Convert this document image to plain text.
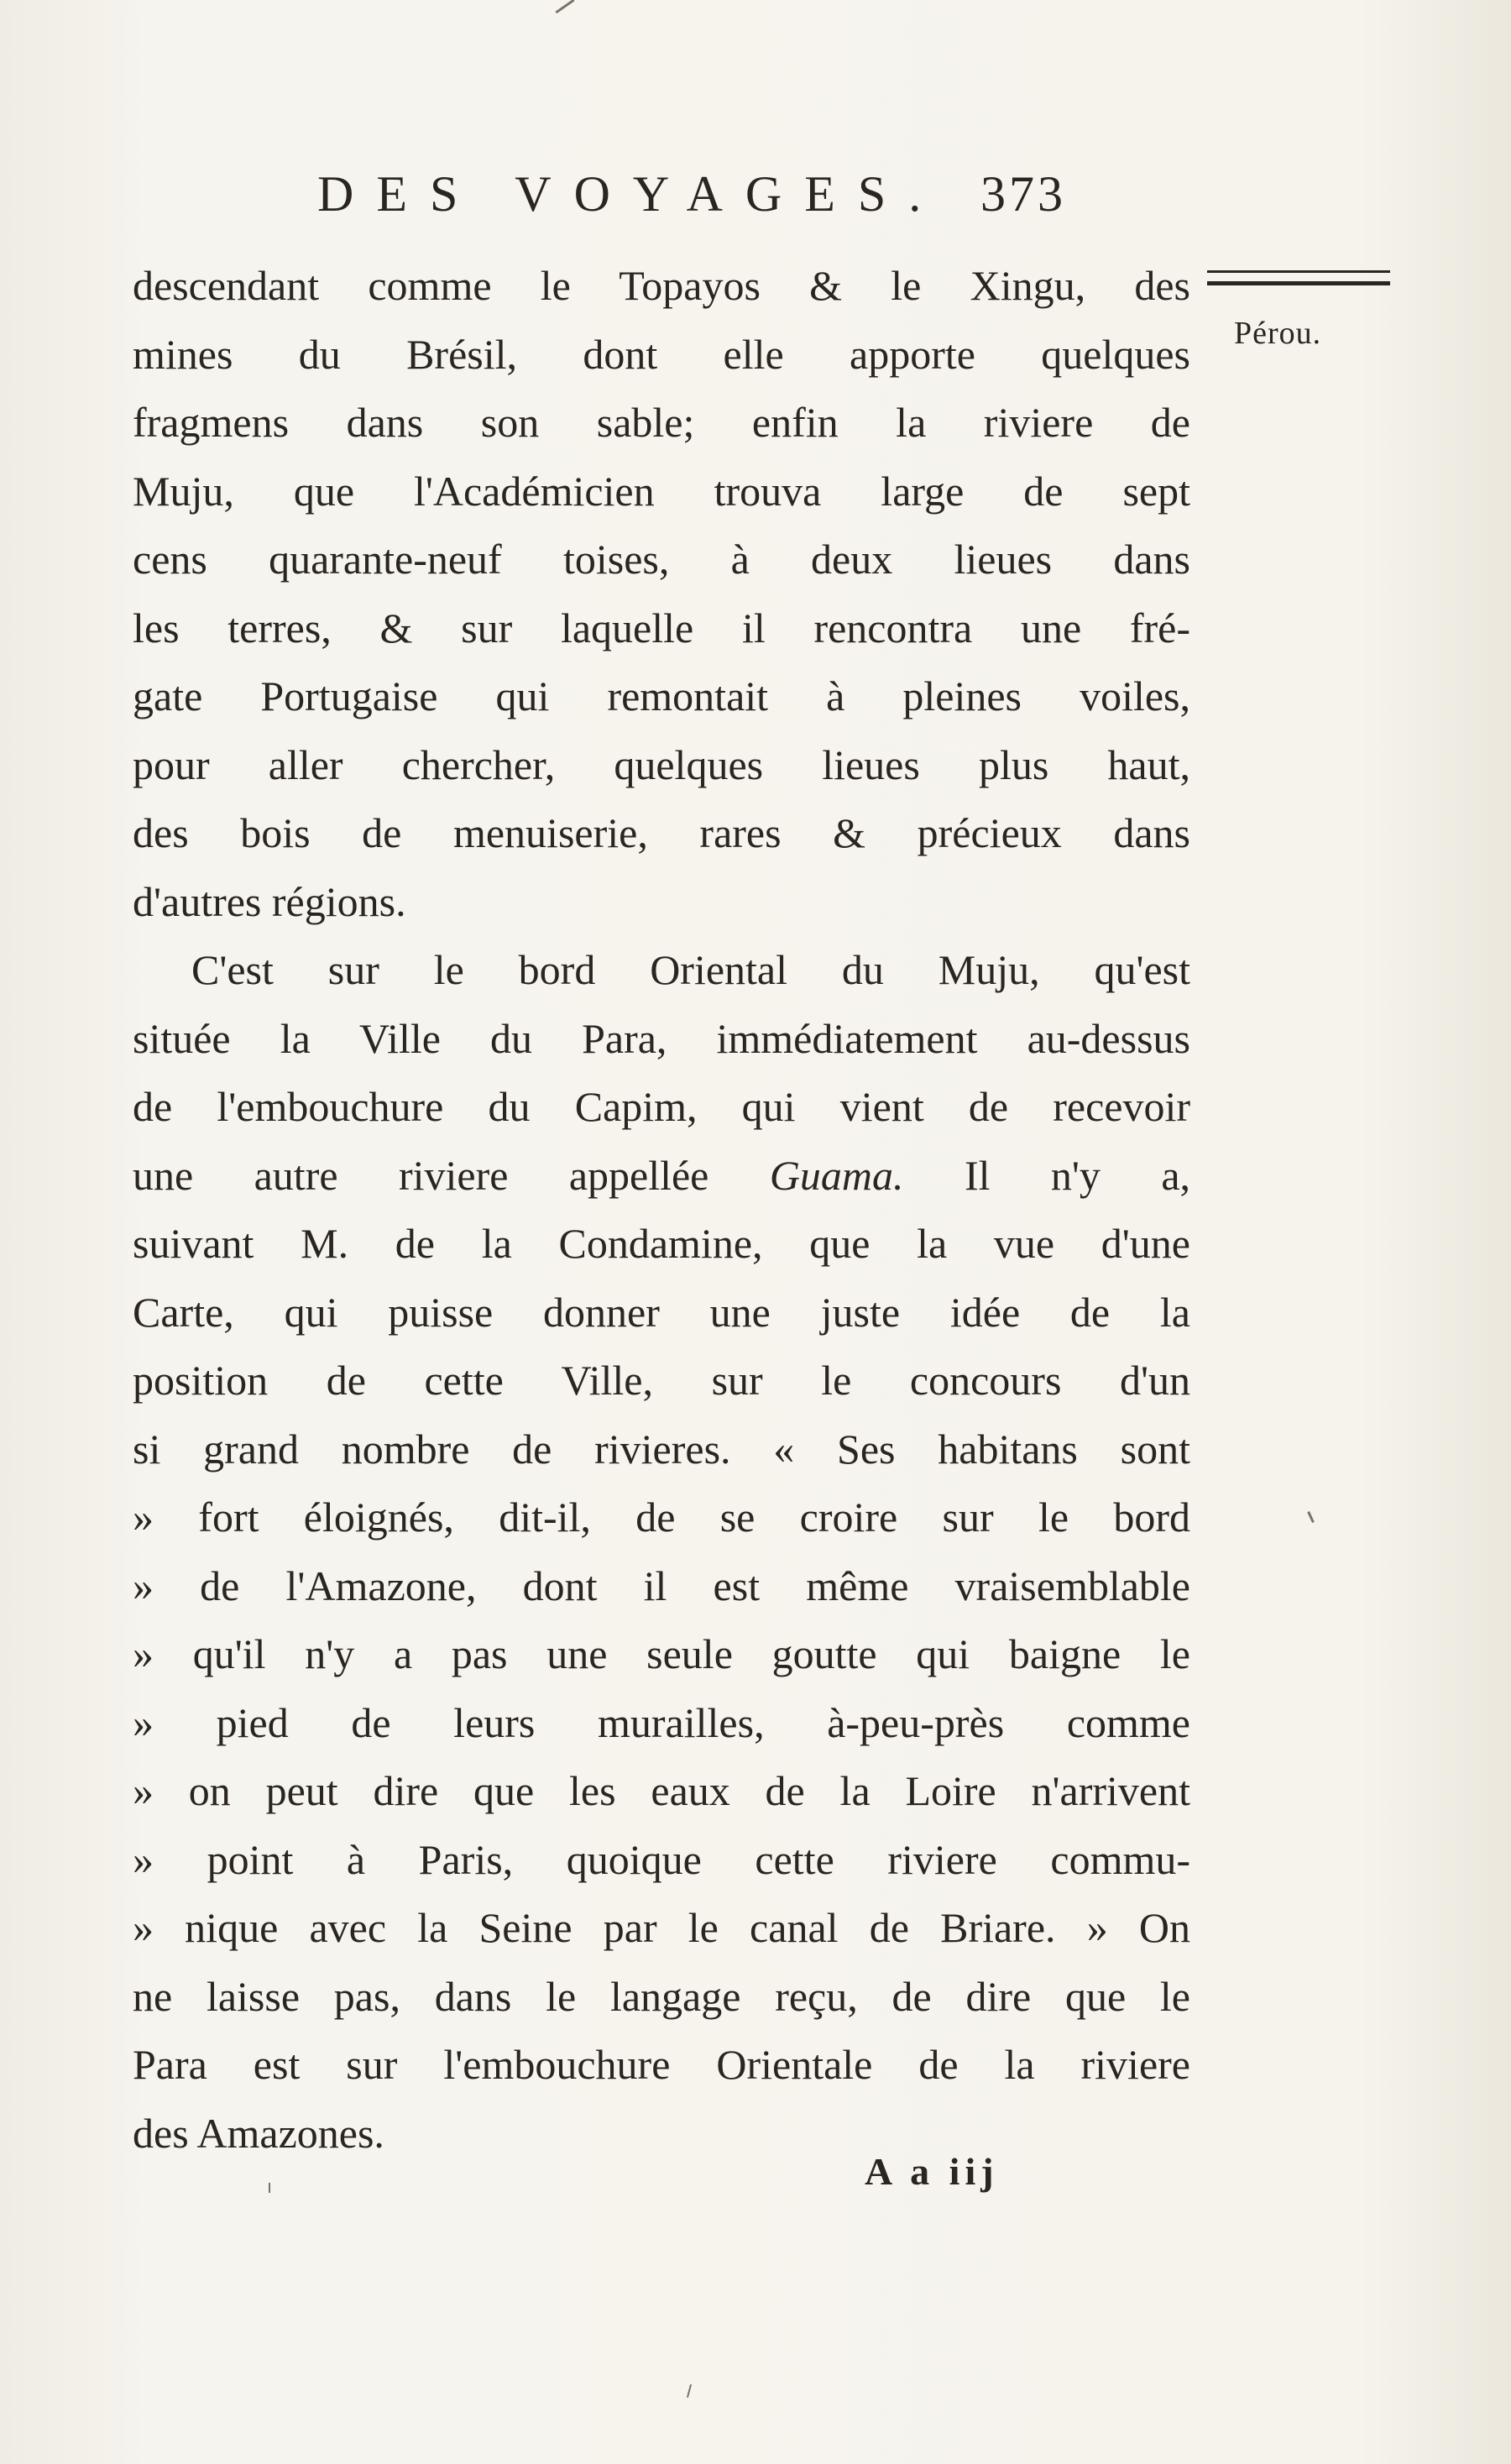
DES VOYAGES. 373
Pérou.
descendant comme le Topayos & le Xingu, des
mines du Brésil, dont elle apporte quelques
fragmens dans son sable; enfin la riviere de
Muju, que l'Académicien trouva large de sept
cens quarante-neuf toises, à deux lieues dans
les terres, & sur laquelle il rencontra une fré-
gate Portugaise qui remontait à pleines voiles,
pour aller chercher, quelques lieues plus haut,
des bois de menuiserie, rares & précieux dans
d'autres régions.
C'est sur le bord Oriental du Muju, qu'est
située la Ville du Para, immédiatement au-dessus
de l'embouchure du Capim, qui vient de recevoir
une autre riviere appellée Guama. Il n'y a,
suivant M. de la Condamine, que la vue d'une
Carte, qui puisse donner une juste idée de la
position de cette Ville, sur le concours d'un
si grand nombre de rivieres. « Ses habitans sont
» fort éloignés, dit-il, de se croire sur le bord
» de l'Amazone, dont il est même vraisemblable
» qu'il n'y a pas une seule goutte qui baigne le
» pied de leurs murailles, à-peu-près comme
» on peut dire que les eaux de la Loire n'arrivent
» point à Paris, quoique cette riviere commu-
» nique avec la Seine par le canal de Briare. » On
ne laisse pas, dans le langage reçu, de dire que le
Para est sur l'embouchure Orientale de la riviere
des Amazones.
A a iij
